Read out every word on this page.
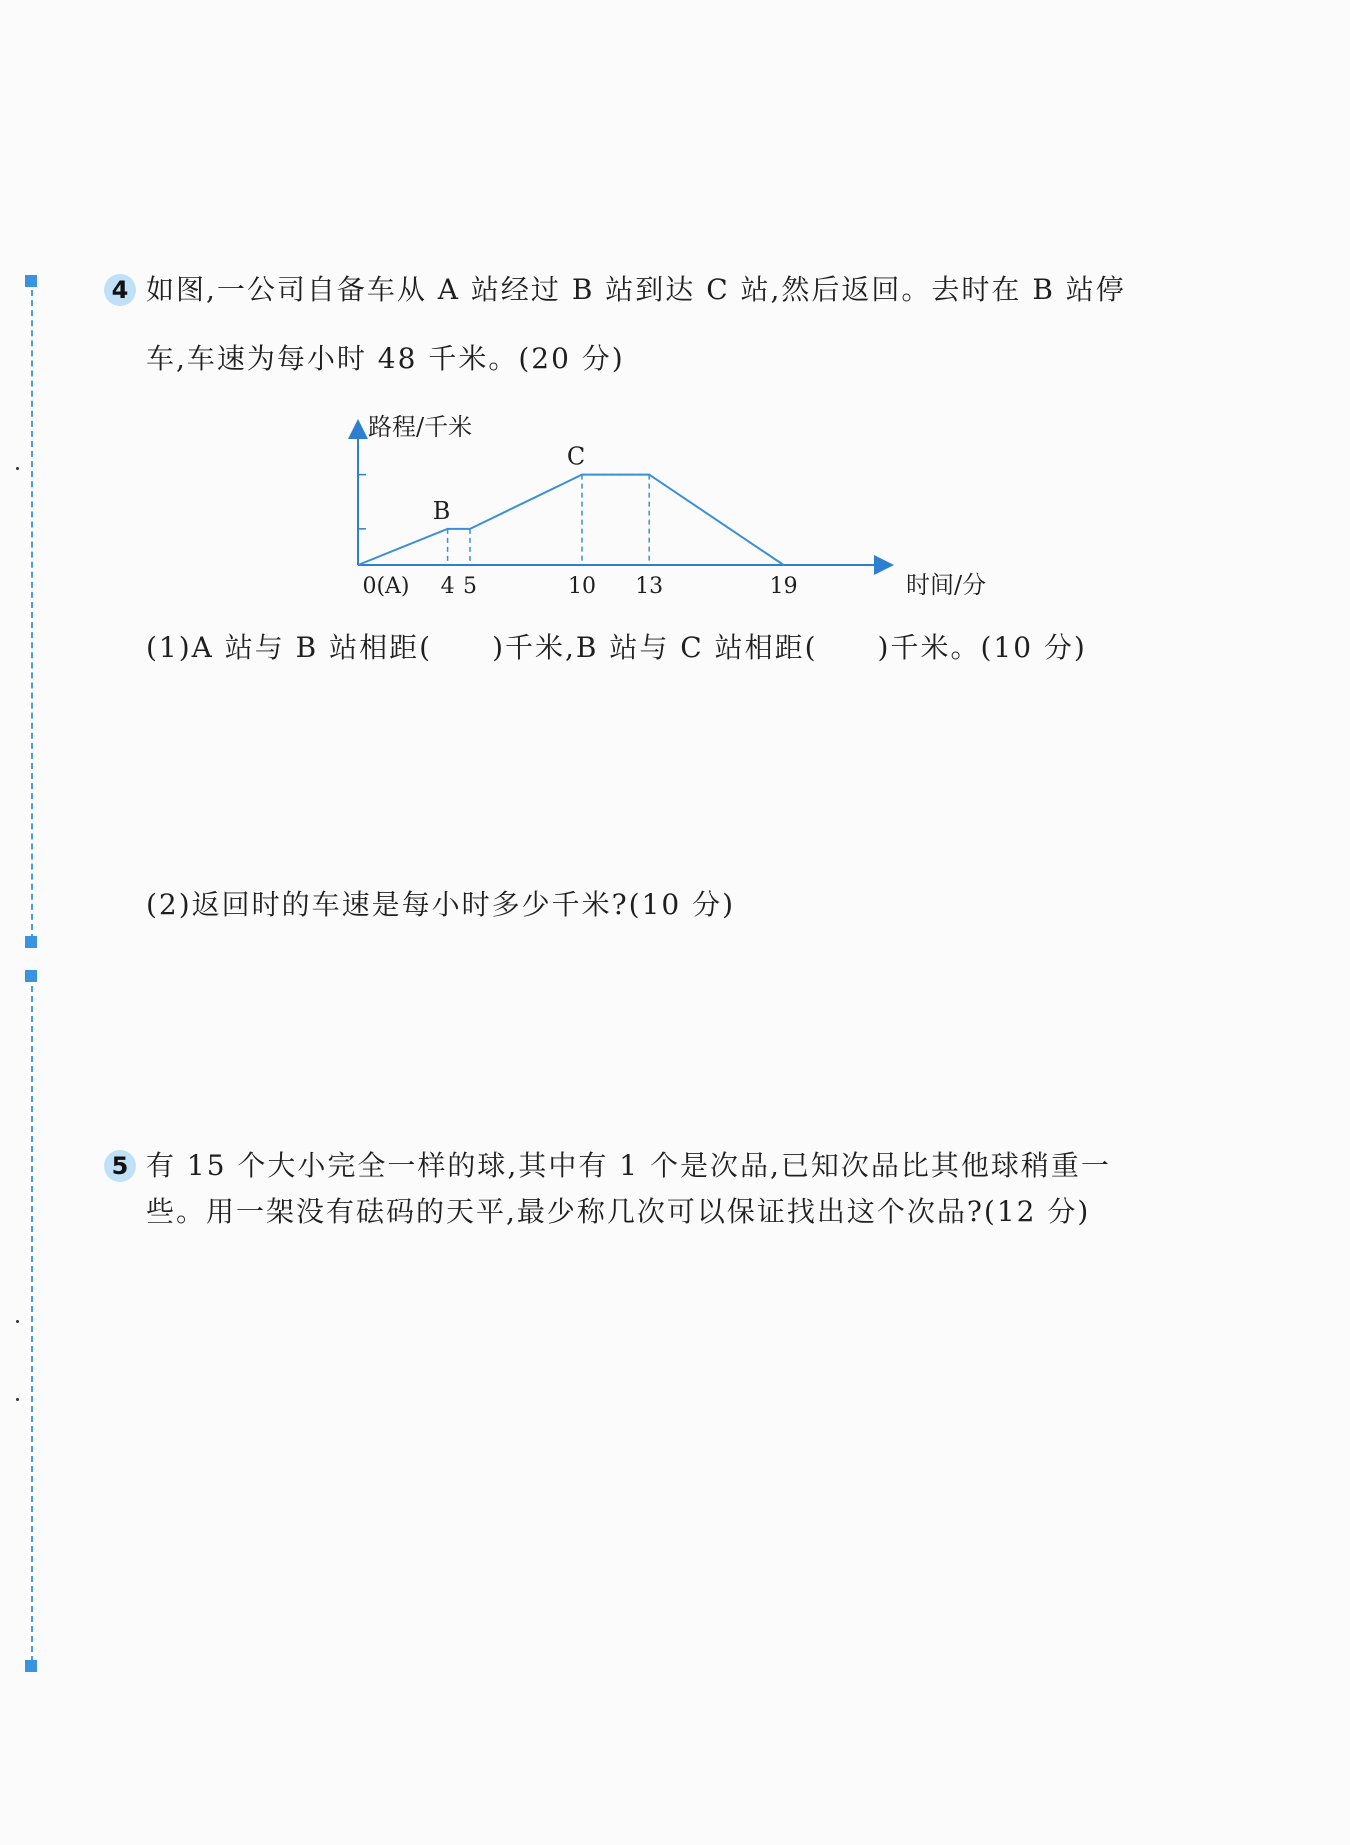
4 如图,一公司自备车从 A 站经过 B 站到达 C 站,然后返回。去时在 B 站停
车,车速为每小时 48 千米。(20 分)
0(A) 4 5	10 13	19	时间/分
路程/千米
B
C
(1)A 站与 B 站相距(　　)千米,B 站与 C 站相距(　　)千米。(10 分)
(2)返回时的车速是每小时多少千米?(10 分)
5 有 15 个大小完全一样的球,其中有 1 个是次品,已知次品比其他球稍重一
些。用一架没有砝码的天平,最少称几次可以保证找出这个次品?(12 分)
